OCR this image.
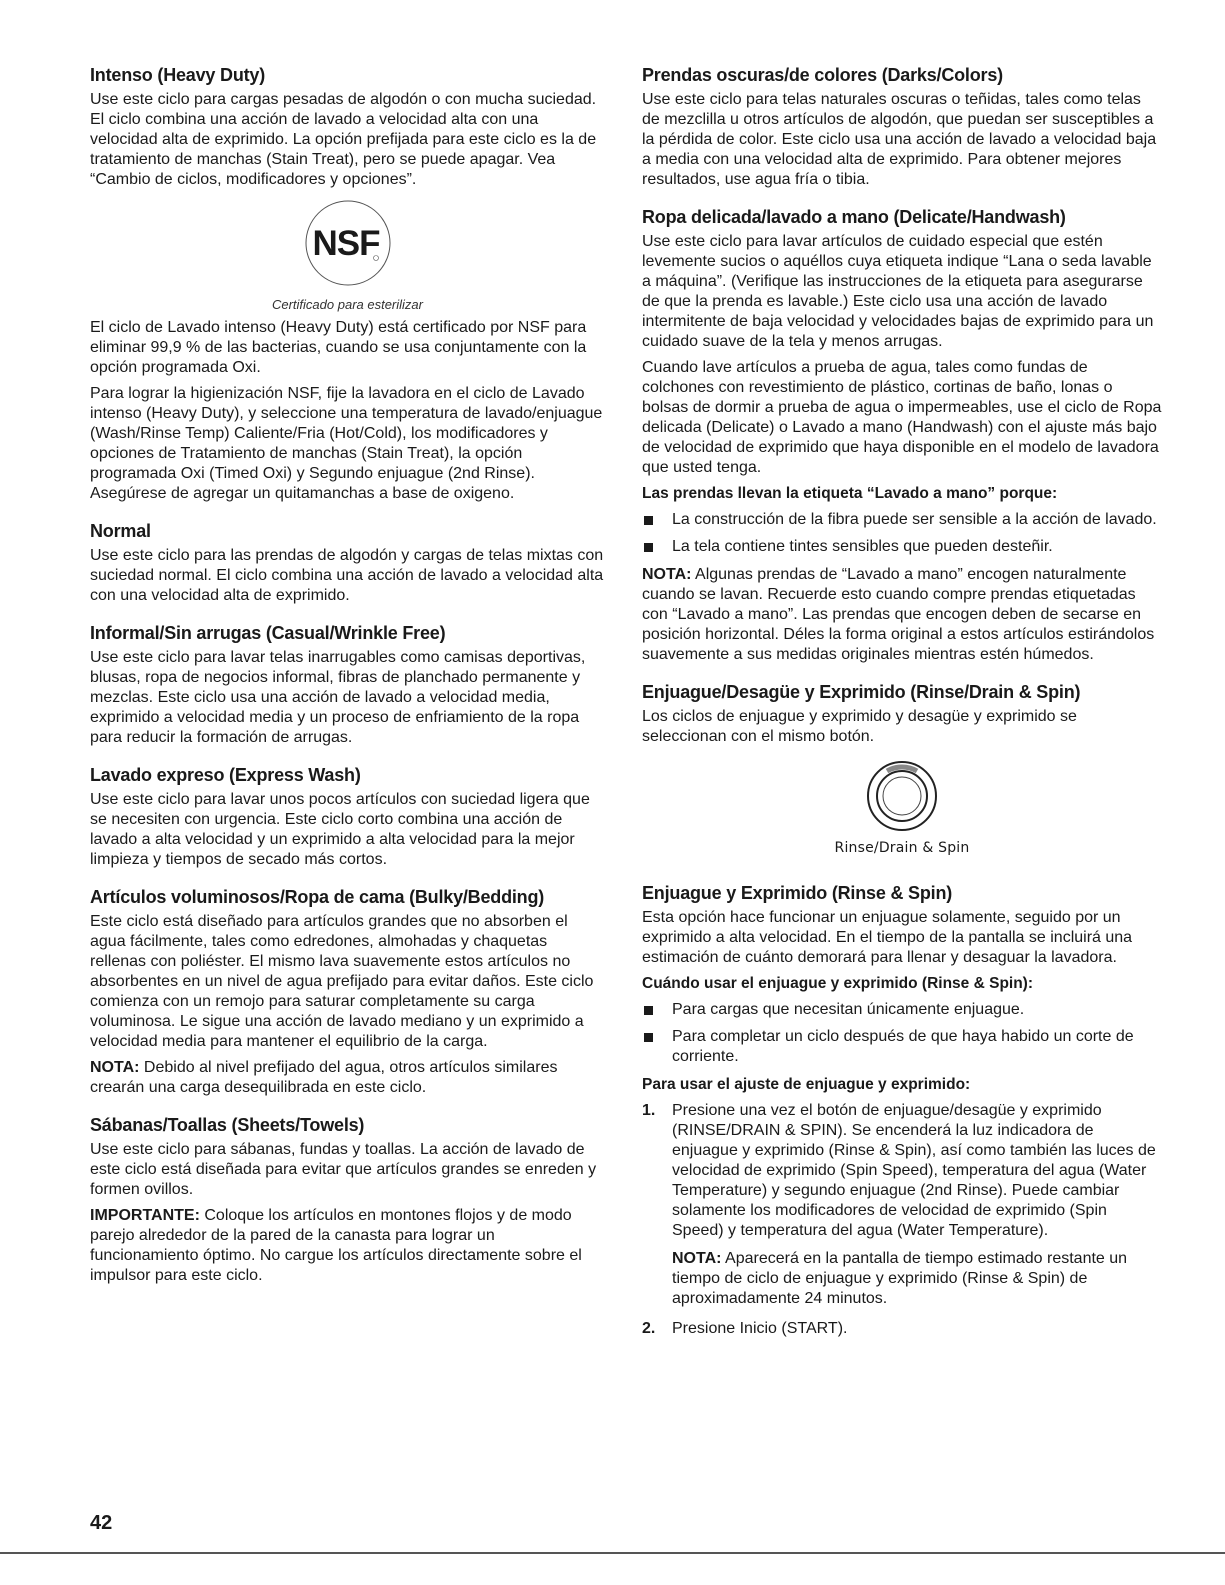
Intenso (Heavy Duty)

Use este ciclo para cargas pesadas de algodón o con mucha suciedad. El ciclo combina una acción de lavado a velocidad alta con una velocidad alta de exprimido. La opción prefijada para este ciclo es la de tratamiento de manchas (Stain Treat), pero se puede apagar. Vea “Cambio de ciclos, modificadores y opciones”.

NSF
Certificado para esterilizar

El ciclo de Lavado intenso (Heavy Duty) está certificado por NSF para eliminar 99,9 % de las bacterias, cuando se usa conjuntamente con la opción programada Oxi.

Para lograr la higienización NSF, fije la lavadora en el ciclo de Lavado intenso (Heavy Duty), y seleccione una temperatura de lavado/enjuague (Wash/Rinse Temp) Caliente/Fria (Hot/Cold), los modificadores y opciones de Tratamiento de manchas (Stain Treat), la opción programada Oxi (Timed Oxi) y Segundo enjuague (2nd Rinse). Asegúrese de agregar un quitamanchas a base de oxigeno.

Normal

Use este ciclo para las prendas de algodón y cargas de telas mixtas con suciedad normal. El ciclo combina una acción de lavado a velocidad alta con una velocidad alta de exprimido.

Informal/Sin arrugas (Casual/Wrinkle Free)

Use este ciclo para lavar telas inarrugables como camisas deportivas, blusas, ropa de negocios informal, fibras de planchado permanente y mezclas. Este ciclo usa una acción de lavado a velocidad media, exprimido a velocidad media y un proceso de enfriamiento de la ropa para reducir la formación de arrugas.

Lavado expreso (Express Wash)

Use este ciclo para lavar unos pocos artículos con suciedad ligera que se necesiten con urgencia. Este ciclo corto combina una acción de lavado a alta velocidad y un exprimido a alta velocidad para la mejor limpieza y tiempos de secado más cortos.

Artículos voluminosos/Ropa de cama (Bulky/Bedding)

Este ciclo está diseñado para artículos grandes que no absorben el agua fácilmente, tales como edredones, almohadas y chaquetas rellenas con poliéster. El mismo lava suavemente estos artículos no absorbentes en un nivel de agua prefijado para evitar daños. Este ciclo comienza con un remojo para saturar completamente su carga voluminosa. Le sigue una acción de lavado mediano y un exprimido a velocidad media para mantener el equilibrio de la carga.

NOTA: Debido al nivel prefijado del agua, otros artículos similares crearán una carga desequilibrada en este ciclo.

Sábanas/Toallas (Sheets/Towels)

Use este ciclo para sábanas, fundas y toallas. La acción de lavado de este ciclo está diseñada para evitar que artículos grandes se enreden y formen ovillos.

IMPORTANTE: Coloque los artículos en montones flojos y de modo parejo alrededor de la pared de la canasta para lograr un funcionamiento óptimo. No cargue los artículos directamente sobre el impulsor para este ciclo.

Prendas oscuras/de colores (Darks/Colors)

Use este ciclo para telas naturales oscuras o teñidas, tales como telas de mezclilla u otros artículos de algodón, que puedan ser susceptibles a la pérdida de color. Este ciclo usa una acción de lavado a velocidad baja a media con una velocidad alta de exprimido. Para obtener mejores resultados, use agua fría o tibia.

Ropa delicada/lavado a mano (Delicate/Handwash)

Use este ciclo para lavar artículos de cuidado especial que estén levemente sucios o aquéllos cuya etiqueta indique “Lana o seda lavable a máquina”. (Verifique las instrucciones de la etiqueta para asegurarse de que la prenda es lavable.) Este ciclo usa una acción de lavado intermitente de baja velocidad y velocidades bajas de exprimido para un cuidado suave de la tela y menos arrugas.

Cuando lave artículos a prueba de agua, tales como fundas de colchones con revestimiento de plástico, cortinas de baño, lonas o bolsas de dormir a prueba de agua o impermeables, use el ciclo de Ropa delicada (Delicate) o Lavado a mano (Handwash) con el ajuste más bajo de velocidad de exprimido que haya disponible en el modelo de lavadora que usted tenga.

Las prendas llevan la etiqueta “Lavado a mano” porque:
La construcción de la fibra puede ser sensible a la acción de lavado.
La tela contiene tintes sensibles que pueden desteñir.

NOTA: Algunas prendas de “Lavado a mano” encogen naturalmente cuando se lavan. Recuerde esto cuando compre prendas etiquetadas con “Lavado a mano”. Las prendas que encogen deben de secarse en posición horizontal. Déles la forma original a estos artículos estirándolos suavemente a sus medidas originales mientras estén húmedos.

Enjuague/Desagüe y Exprimido (Rinse/Drain & Spin)

Los ciclos de enjuague y exprimido y desagüe y exprimido se seleccionan con el mismo botón.

Rinse/Drain & Spin
Enjuague y Exprimido (Rinse & Spin)

Esta opción hace funcionar un enjuague solamente, seguido por un exprimido a alta velocidad. En el tiempo de la pantalla se incluirá una estimación de cuánto demorará para llenar y desaguar la lavadora.

Cuándo usar el enjuague y exprimido (Rinse & Spin):
Para cargas que necesitan únicamente enjuague.
Para completar un ciclo después de que haya habido un corte de corriente.
Para usar el ajuste de enjuague y exprimido:
1. Presione una vez el botón de enjuague/desagüe y exprimido (RINSE/DRAIN & SPIN). Se encenderá la luz indicadora de enjuague y exprimido (Rinse & Spin), así como también las luces de velocidad de exprimido (Spin Speed), temperatura del agua (Water Temperature) y segundo enjuague (2nd Rinse). Puede cambiar solamente los modificadores de velocidad de exprimido (Spin Speed) y temperatura del agua (Water Temperature).

NOTA: Aparecerá en la pantalla de tiempo estimado restante un tiempo de ciclo de enjuague y exprimido (Rinse & Spin) de aproximadamente 24 minutos.

2. Presione Inicio (START).
42
